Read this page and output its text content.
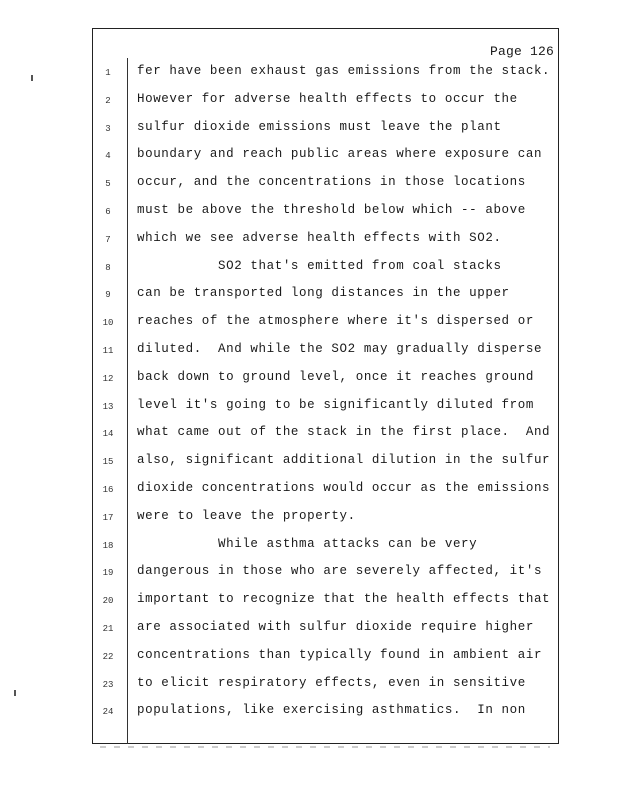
Page 126
1	fer have been exhaust gas emissions from the stack.
2	However for adverse health effects to occur the
3	sulfur dioxide emissions must leave the plant
4	boundary and reach public areas where exposure can
5	occur, and the concentrations in those locations
6	must be above the threshold below which -- above
7	which we see adverse health effects with SO2.
8	SO2 that's emitted from coal stacks
9	can be transported long distances in the upper
10	reaches of the atmosphere where it's dispersed or
11	diluted.  And while the SO2 may gradually disperse
12	back down to ground level, once it reaches ground
13	level it's going to be significantly diluted from
14	what came out of the stack in the first place.  And
15	also, significant additional dilution in the sulfur
16	dioxide concentrations would occur as the emissions
17	were to leave the property.
18	While asthma attacks can be very
19	dangerous in those who are severely affected, it's
20	important to recognize that the health effects that
21	are associated with sulfur dioxide require higher
22	concentrations than typically found in ambient air
23	to elicit respiratory effects, even in sensitive
24	populations, like exercising asthmatics.  In non
